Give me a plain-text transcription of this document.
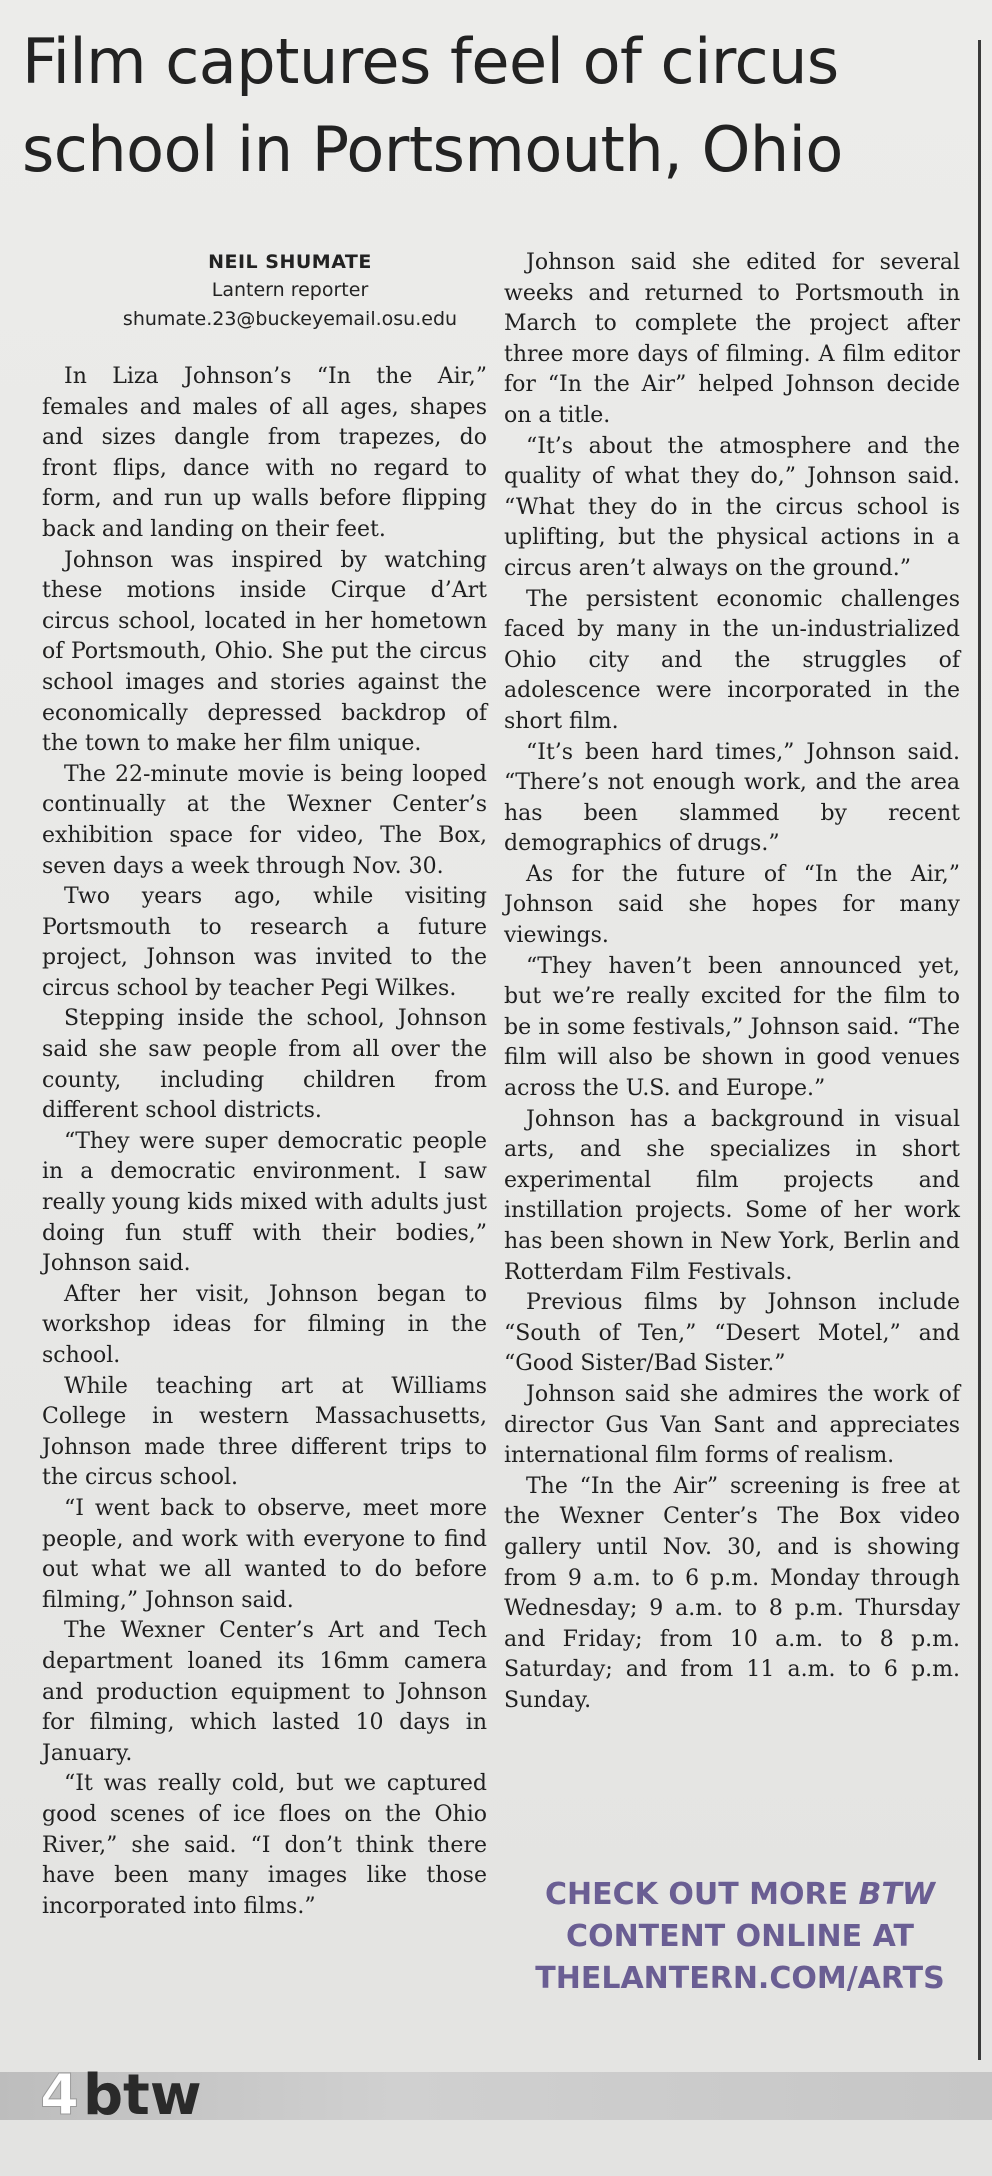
Film captures feel of circus school in Portsmouth, Ohio
NEIL SHUMATE
Lantern reporter
shumate.23@buckeyemail.osu.edu

In Liza Johnson’s “In the Air,” females and males of all ages, shapes and sizes dangle from trapezes, do front flips, dance with no regard to form, and run up walls before flipping back and landing on their feet.

Johnson was inspired by watching these motions inside Cirque d’Art circus school, located in her hometown of Portsmouth, Ohio. She put the circus school images and stories against the economically depressed backdrop of the town to make her film unique.

The 22-minute movie is being looped continually at the Wexner Center’s exhibition space for video, The Box, seven days a week through Nov. 30.

Two years ago, while visiting Portsmouth to research a future project, Johnson was invited to the circus school by teacher Pegi Wilkes.

Stepping inside the school, Johnson said she saw people from all over the county, including children from different school districts.

“They were super democratic people in a democratic environment. I saw really young kids mixed with adults just doing fun stuff with their bodies,” Johnson said.

After her visit, Johnson began to workshop ideas for filming in the school.

While teaching art at Williams College in western Massachusetts, Johnson made three different trips to the circus school.

“I went back to observe, meet more people, and work with everyone to find out what we all wanted to do before filming,” Johnson said.

The Wexner Center’s Art and Tech department loaned its 16mm camera and production equipment to Johnson for filming, which lasted 10 days in January.

“It was really cold, but we captured good scenes of ice floes on the Ohio River,” she said. “I don’t think there have been many images like those incorporated into films.”

Johnson said she edited for several weeks and returned to Portsmouth in March to complete the project after three more days of filming. A film editor for “In the Air” helped Johnson decide on a title.

“It’s about the atmosphere and the quality of what they do,” Johnson said. “What they do in the circus school is uplifting, but the physical actions in a circus aren’t always on the ground.”

The persistent economic challenges faced by many in the un-industrialized Ohio city and the struggles of adolescence were incorporated in the short film.

“It’s been hard times,” Johnson said. “There’s not enough work, and the area has been slammed by recent demographics of drugs.”

As for the future of “In the Air,” Johnson said she hopes for many viewings.

“They haven’t been announced yet, but we’re really excited for the film to be in some festivals,” Johnson said. “The film will also be shown in good venues across the U.S. and Europe.”

Johnson has a background in visual arts, and she specializes in short experimental film projects and instillation projects. Some of her work has been shown in New York, Berlin and Rotterdam Film Festivals.

Previous films by Johnson include “South of Ten,” “Desert Motel,” and “Good Sister/Bad Sister.”

Johnson said she admires the work of director Gus Van Sant and appreciates international film forms of realism.

The “In the Air” screening is free at the Wexner Center’s The Box video gallery until Nov. 30, and is showing from 9 a.m. to 6 p.m. Monday through Wednesday; 9 a.m. to 8 p.m. Thursday and Friday; from 10 a.m. to 8 p.m. Saturday; and from 11 a.m. to 6 p.m. Sunday.

CHECK OUT MORE BTW
CONTENT ONLINE AT
THELANTERN.COM/ARTS
4btw
